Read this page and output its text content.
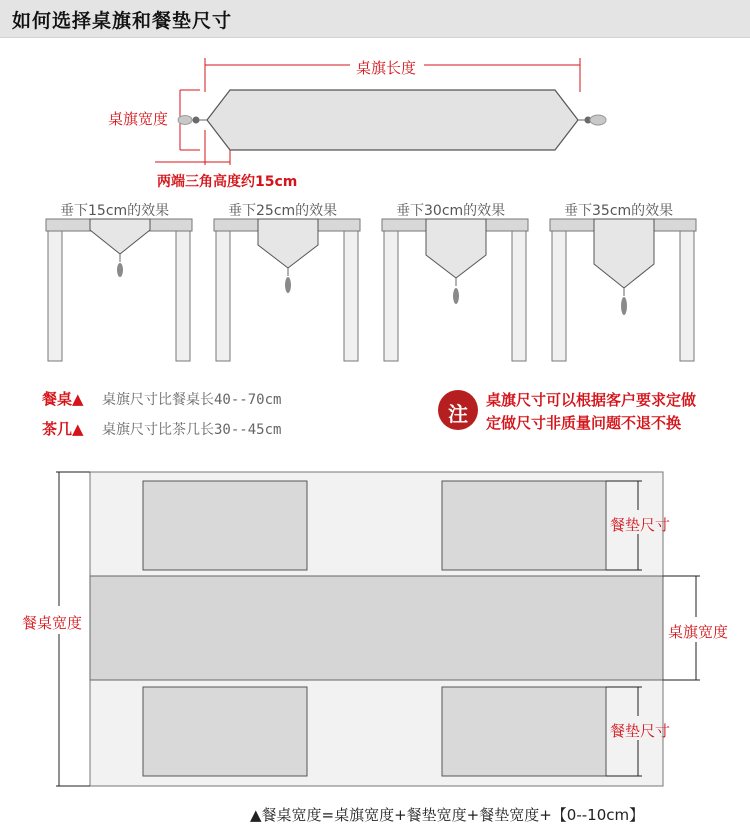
如何选择桌旗和餐垫尺寸
桌旗长度
桌旗宽度
两端三角高度约15cm
垂下15cm的效果	垂下25cm的效果	垂下30cm的效果	垂下35cm的效果
餐桌▲ 桌旗尺寸比餐桌长40--70cm
茶几▲ 桌旗尺寸比茶几长30--45cm
注
桌旗尺寸可以根据客户要求定做
定做尺寸非质量问题不退不换
餐桌宽度
餐垫尺寸
桌旗宽度
餐垫尺寸
▲餐桌宽度=桌旗宽度+餐垫宽度+餐垫宽度+【0--10cm】
